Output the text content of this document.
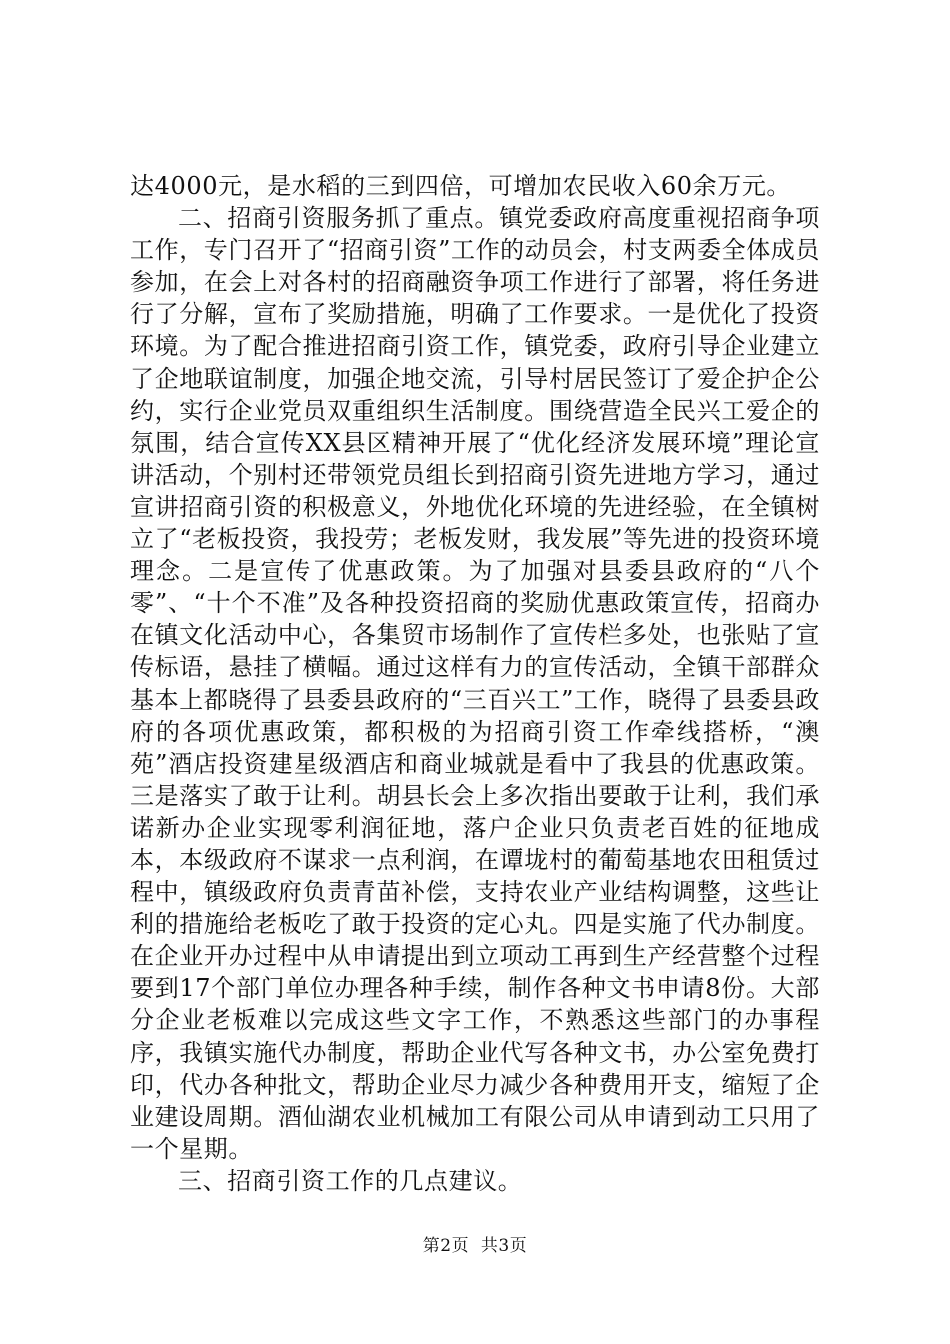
达4000元，是水稻的三到四倍，可增加农民收入60余万元。

二、招商引资服务抓了重点。镇党委政府高度重视招商争项工作，专门召开了“招商引资”工作的动员会，村支两委全体成员参加，在会上对各村的招商融资争项工作进行了部署，将任务进行了分解，宣布了奖励措施，明确了工作要求。一是优化了投资环境。为了配合推进招商引资工作，镇党委，政府引导企业建立了企地联谊制度，加强企地交流，引导村居民签订了爱企护企公约，实行企业党员双重组织生活制度。围绕营造全民兴工爱企的氛围，结合宣传XX县区精神开展了“优化经济发展环境”理论宣讲活动，个别村还带领党员组长到招商引资先进地方学习，通过宣讲招商引资的积极意义，外地优化环境的先进经验，在全镇树立了“老板投资，我投劳；老板发财，我发展”等先进的投资环境理念。二是宣传了优惠政策。为了加强对县委县政府的“八个零”、“十个不准”及各种投资招商的奖励优惠政策宣传，招商办在镇文化活动中心，各集贸市场制作了宣传栏多处，也张贴了宣传标语，悬挂了横幅。通过这样有力的宣传活动，全镇干部群众基本上都晓得了县委县政府的“三百兴工”工作，晓得了县委县政府的各项优惠政策，都积极的为招商引资工作牵线搭桥，“澳苑”酒店投资建星级酒店和商业城就是看中了我县的优惠政策。三是落实了敢于让利。胡县长会上多次指出要敢于让利，我们承诺新办企业实现零利润征地，落户企业只负责老百姓的征地成本，本级政府不谋求一点利润，在谭垅村的葡萄基地农田租赁过程中，镇级政府负责青苗补偿，支持农业产业结构调整，这些让利的措施给老板吃了敢于投资的定心丸。四是实施了代办制度。在企业开办过程中从申请提出到立项动工再到生产经营整个过程要到17个部门单位办理各种手续，制作各种文书申请8份。大部分企业老板难以完成这些文字工作，不熟悉这些部门的办事程序，我镇实施代办制度，帮助企业代写各种文书，办公室免费打印，代办各种批文，帮助企业尽力减少各种费用开支，缩短了企业建设周期。酒仙湖农业机械加工有限公司从申请到动工只用了一个星期。

三、招商引资工作的几点建议。

第2页  共3页
